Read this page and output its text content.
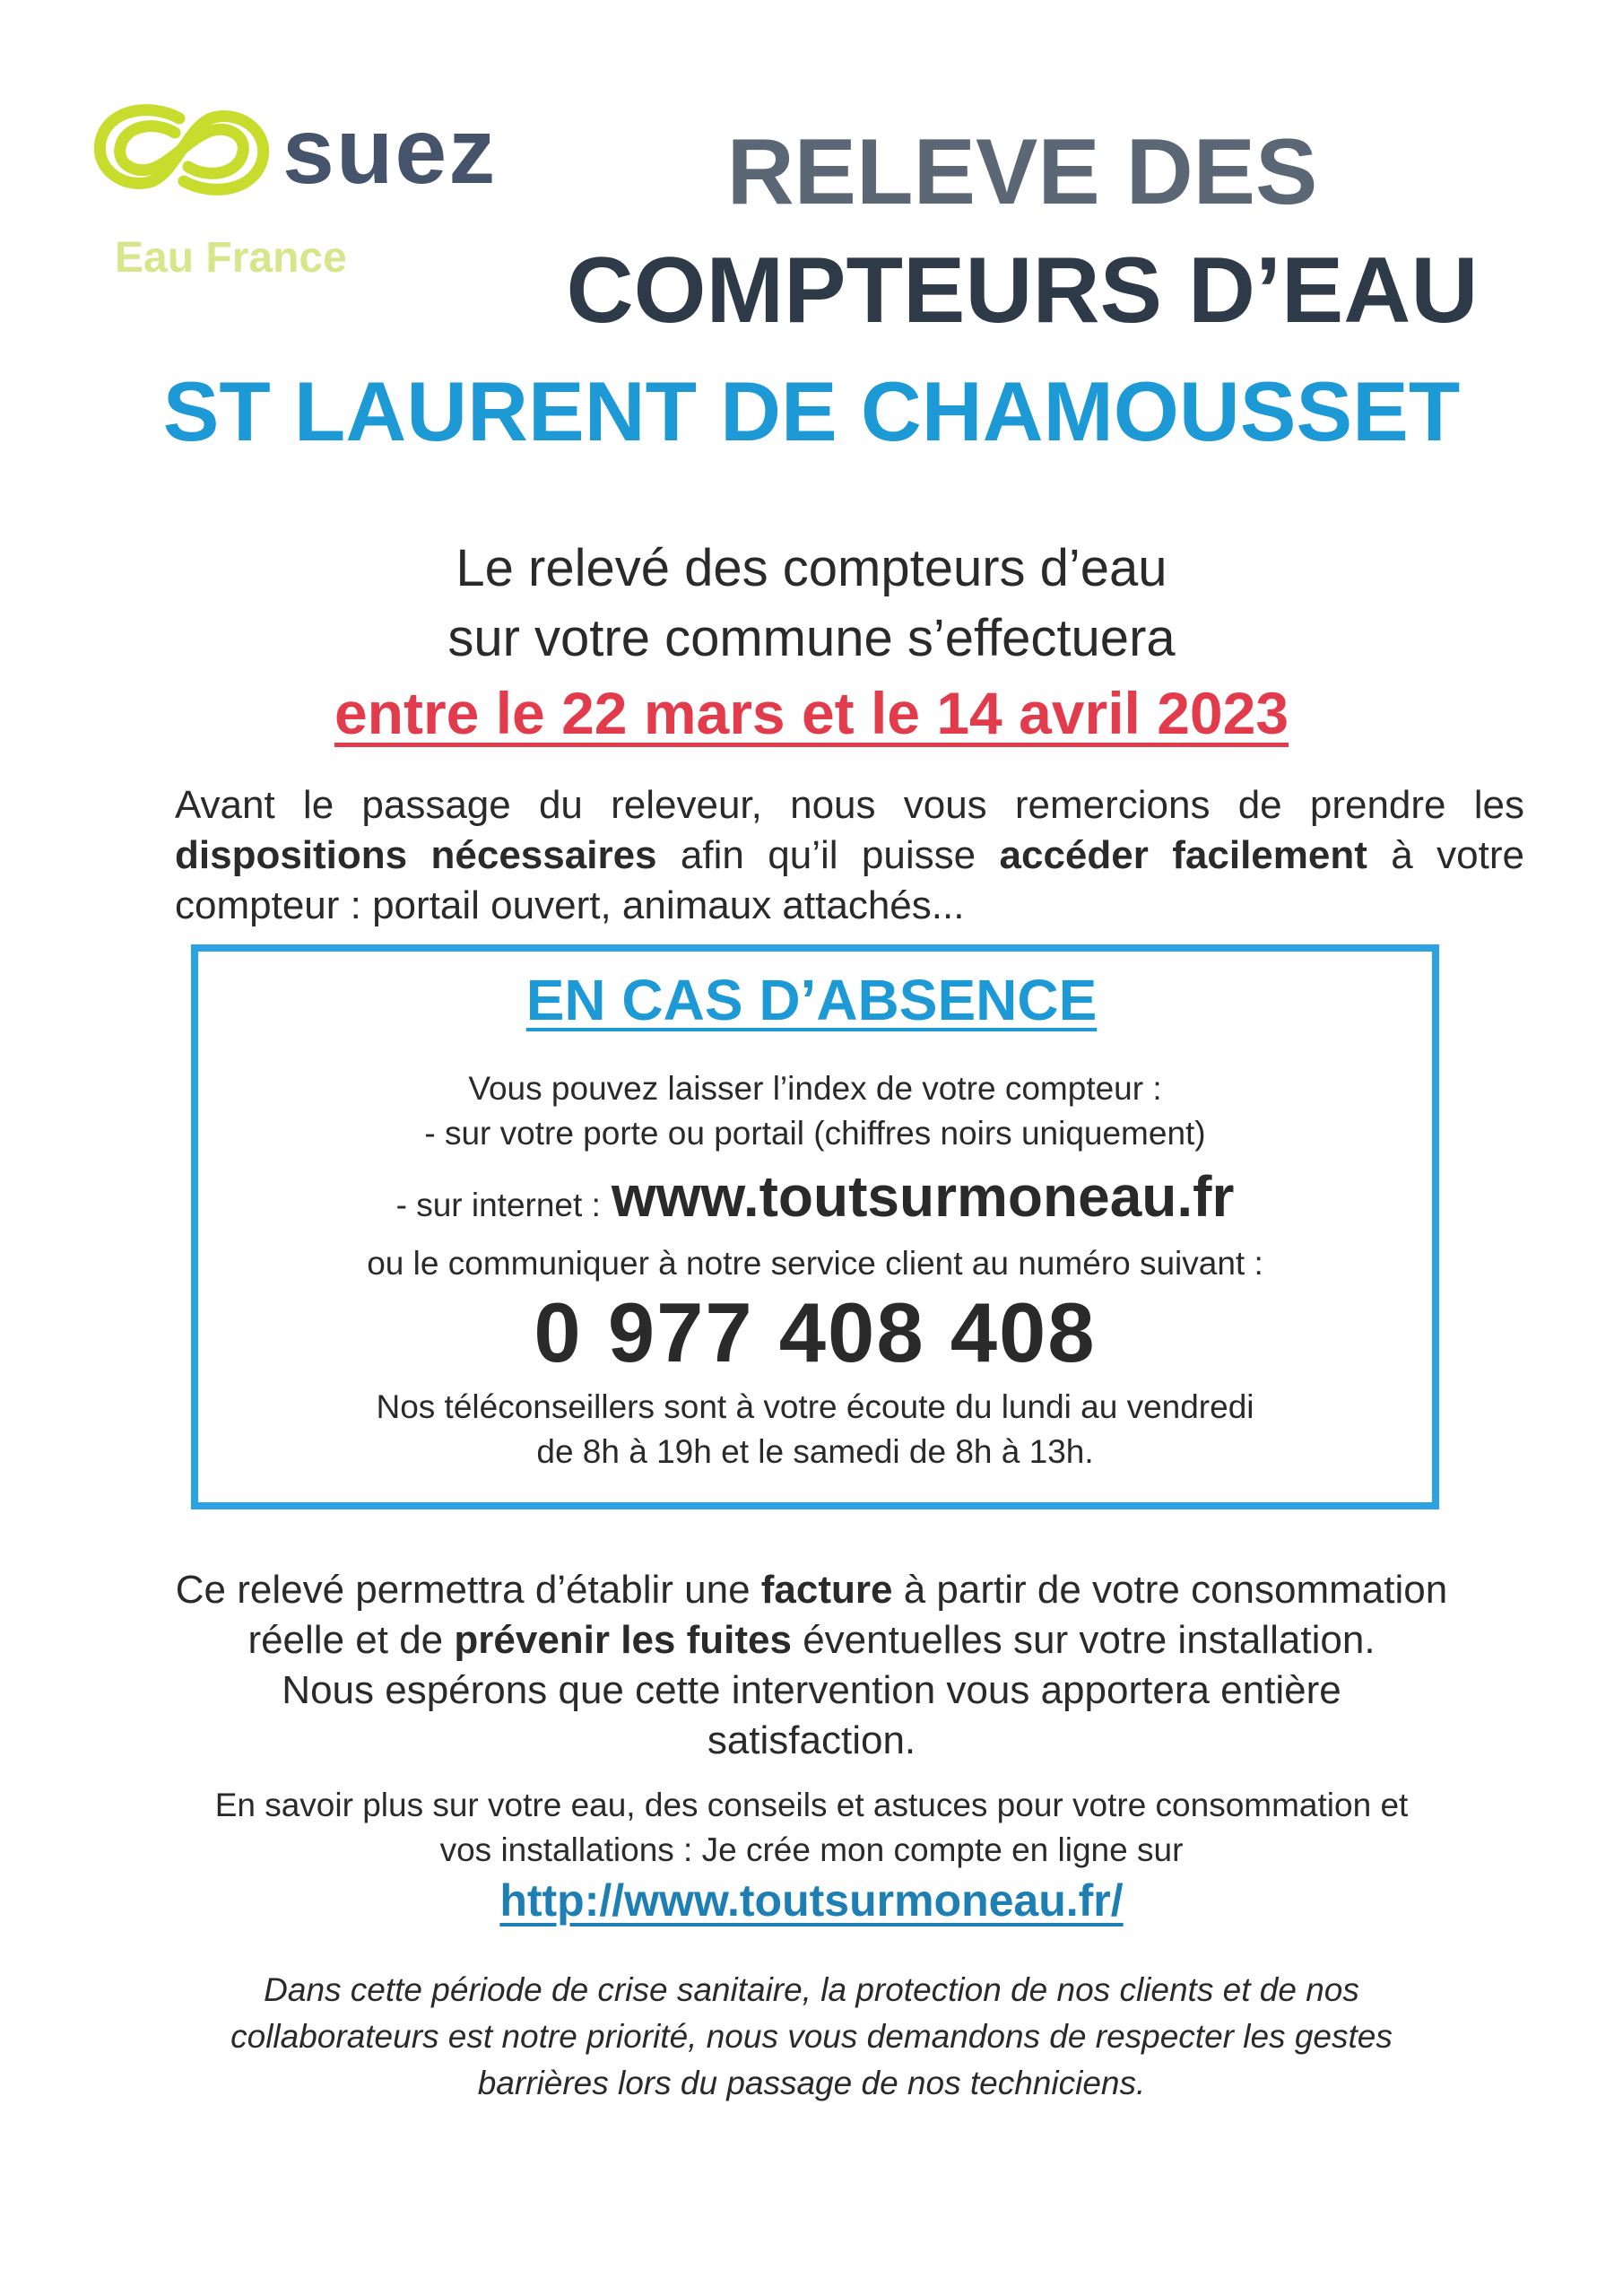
suez
Eau France
RELEVE DES
COMPTEURS D’EAU
ST LAURENT DE CHAMOUSSET
Le relevé des compteurs d’eau
sur votre commune s’effectuera
entre le 22 mars et le 14 avril 2023
Avant le passage du releveur, nous vous remercions de prendre les dispositions nécessaires afin qu’il puisse accéder facilement à votre compteur : portail ouvert, animaux attachés...
EN CAS D’ABSENCE
Vous pouvez laisser l’index de votre compteur :
- sur votre porte ou portail (chiffres noirs uniquement)
- sur internet : www.toutsurmoneau.fr
ou le communiquer à notre service client au numéro suivant :
0 977 408 408
Nos téléconseillers sont à votre écoute du lundi au vendredi
de 8h à 19h et le samedi de 8h à 13h.
Ce relevé permettra d’établir une facture à partir de votre consommation
réelle et de prévenir les fuites éventuelles sur votre installation.
Nous espérons que cette intervention vous apportera entière
satisfaction.
En savoir plus sur votre eau, des conseils et astuces pour votre consommation et
vos installations : Je crée mon compte en ligne sur
http://www.toutsurmoneau.fr/
Dans cette période de crise sanitaire, la protection de nos clients et de nos
collaborateurs est notre priorité, nous vous demandons de respecter les gestes
barrières lors du passage de nos techniciens.
